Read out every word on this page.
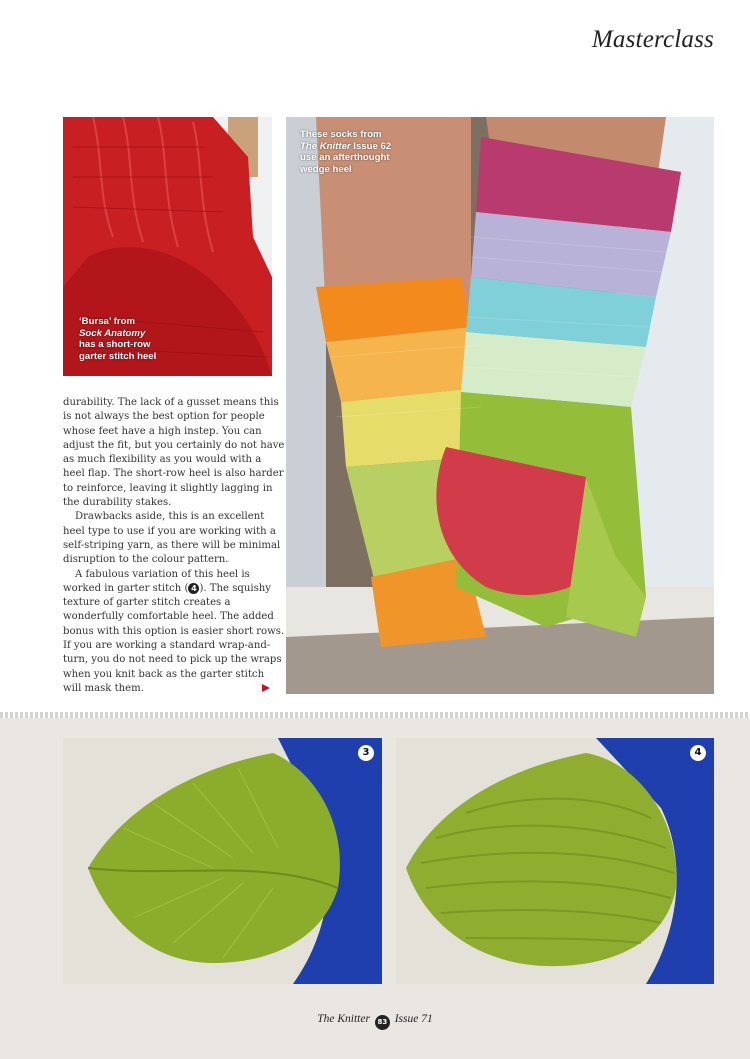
Masterclass
‘Bursa’ from
Sock Anatomy
has a short-row
garter stitch heel
These socks from
The Knitter Issue 62
use an afterthought
wedge heel

durability. The lack of a gusset means this
is not always the best option for people
whose feet have a high instep. You can
adjust the fit, but you certainly do not have
as much flexibility as you would with a
heel flap. The short-row heel is also harder
to reinforce, leaving it slightly lagging in
the durability stakes.

Drawbacks aside, this is an excellent
heel type to use if you are working with a
self-striping yarn, as there will be minimal
disruption to the colour pattern.

A fabulous variation of this heel is
worked in garter stitch ( 4 ). The squishy
texture of garter stitch creates a
wonderfully comfortable heel. The added
bonus with this option is easier short rows.
If you are working a standard wrap-and-
turn, you do not need to pick up the wraps
when you knit back as the garter stitch
will mask them.

3	4
The Knitter 83 Issue 71
